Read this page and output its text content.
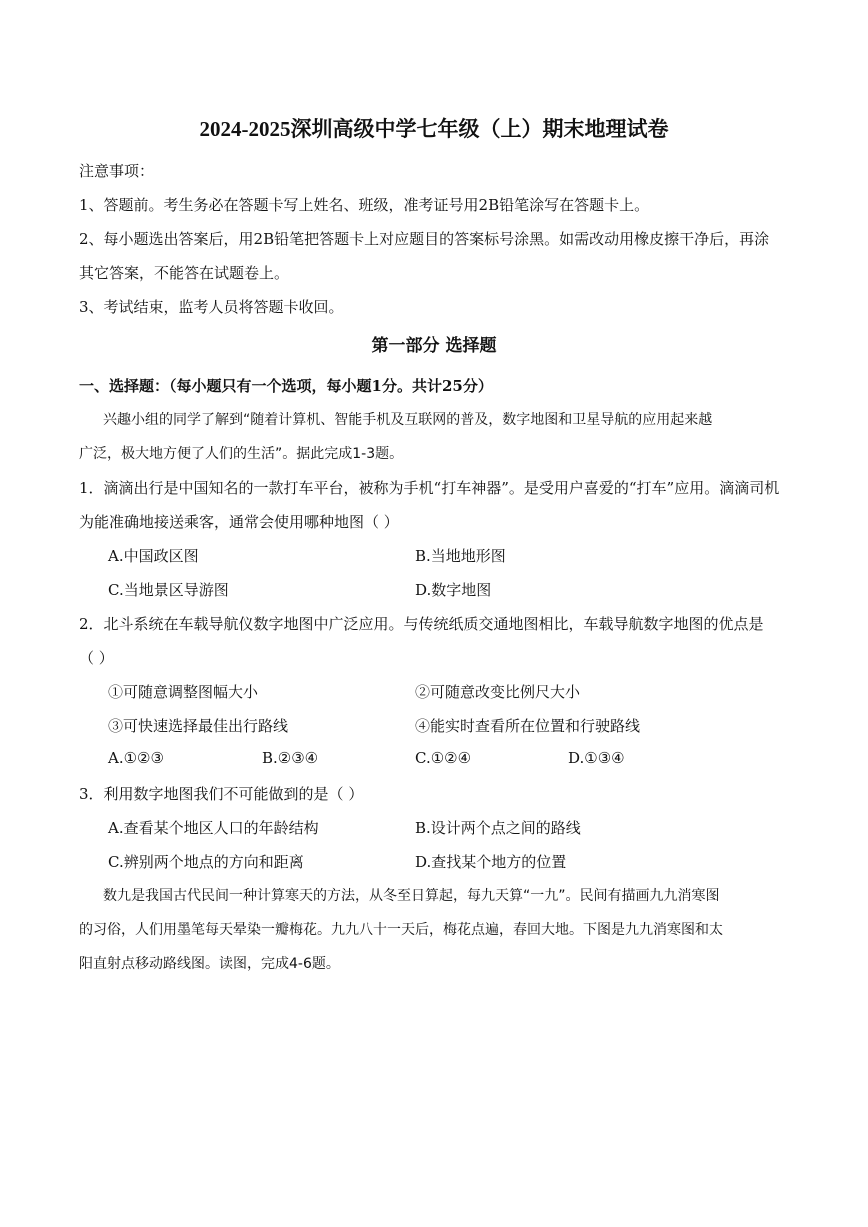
2024-2025深圳高级中学七年级（上）期末地理试卷
注意事项：
1、答题前。考生务必在答题卡写上姓名、班级，准考证号用2B铅笔涂写在答题卡上。
2、每小题选出答案后，用2B铅笔把答题卡上对应题目的答案标号涂黑。如需改动用橡皮擦干净后，再涂
其它答案，不能答在试题卷上。
3、考试结束，监考人员将答题卡收回。
第一部分 选择题
一、选择题：（每小题只有一个选项，每小题1分。共计25分）
兴趣小组的同学了解到“随着计算机、智能手机及互联网的普及，数字地图和卫星导航的应用起来越
广泛，极大地方便了人们的生活”。据此完成1-3题。
1．滴滴出行是中国知名的一款打车平台，被称为手机“打车神器”。是受用户喜爱的“打车”应用。滴滴司机
为能准确地接送乘客，通常会使用哪种地图（ ）
A.中国政区图	B.当地地形图
C.当地景区导游图	D.数字地图
2．北斗系统在车载导航仪数字地图中广泛应用。与传统纸质交通地图相比，车载导航数字地图的优点是
（ ）
①可随意调整图幅大小	②可随意改变比例尺大小
③可快速选择最佳出行路线	④能实时查看所在位置和行驶路线
A.①②③	B.②③④	C.①②④	D.①③④
3．利用数字地图我们不可能做到的是（ ）
A.查看某个地区人口的年龄结构	B.设计两个点之间的路线
C.辨别两个地点的方向和距离	D.查找某个地方的位置
数九是我国古代民间一种计算寒天的方法，从冬至日算起，每九天算“一九”。民间有描画九九消寒图
的习俗，人们用墨笔每天晕染一瓣梅花。九九八十一天后，梅花点遍，春回大地。下图是九九消寒图和太
阳直射点移动路线图。读图，完成4-6题。
